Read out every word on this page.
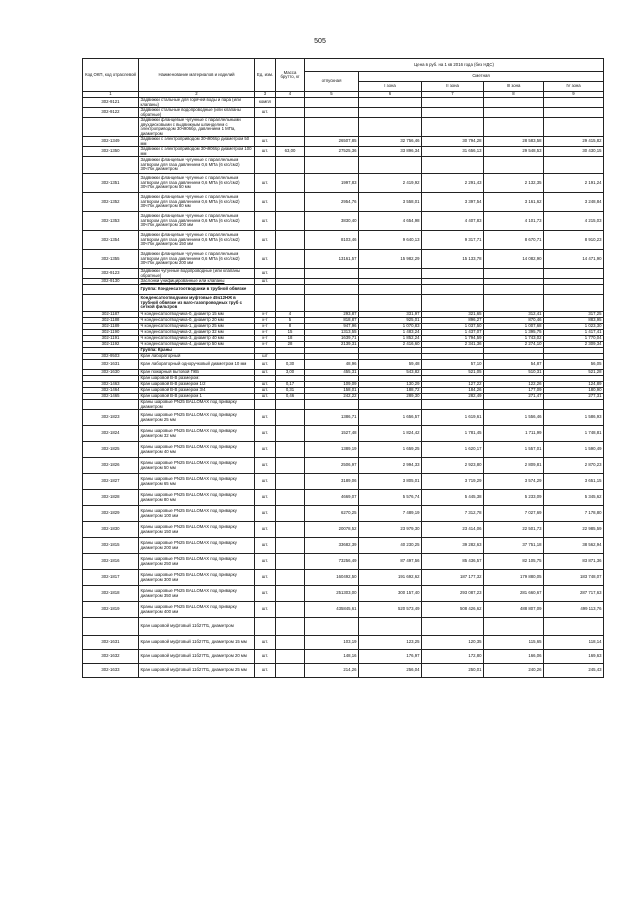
505
Код ОКП, код отраслевой	Наименование материалов и изделий	Ед. изм.	Масса брутто, кг	Цена в руб. на 1 кв 2016 года (без НДС)				
				отпускная	Сметная			
					I зона	II зона	III зона	IV зона
1	2	3	4	5	6	7	8	9
302-9121	Задвижки стальные для горячей воды и пара (или клапаны)	компл						
302-9122	Задвижки стальные водопроводные (или клапаны обратные)	шт.						
	Задвижки фланцевые чугунные с параллельными двухдисковыми с выдвижным шпинделем с электроприводом 30ч906бр, давлением 1 МПа, диаметром							
302-1349	Задвижки с электроприводом 30ч906бр диаметром 50 мм	шт.		26507,85	32 756,46	30 794,28	28 583,58	29 415,82
302-1350	Задвижки с электроприводом 30ч906бр диаметром 100 мм	шт.	63,00	27525,36	33 896,34	31 656,13	29 548,53	30 430,15
	Задвижки фланцевые чугунные с параллельным затвором для газа давлением 0,6 МПа (6 кгс/см2) 30ч7бк диаметром							
302-1351	Задвижки фланцевые чугунные с параллельным затвором для газа давлением 0,6 МПа (6 кгс/см2) 30ч7бк диаметром 50 мм	шт.		1997,83	2 419,92	2 291,43	2 132,35	2 191,24
302-1352	Задвижки фланцевые чугунные с параллельным затвором для газа давлением 0,6 МПа (6 кгс/см2) 30ч7бк диаметром 80 мм	шт.		2954,76	3 558,01	3 397,54	3 161,62	3 248,84
302-1353	Задвижки фланцевые чугунные с параллельным затвором для газа давлением 0,6 МПа (6 кгс/см2) 30ч7бк диаметром 100 мм	шт.		3830,40	4 654,98	4 407,83	4 101,73	4 215,03
302-1354	Задвижки фланцевые чугунные с параллельным затвором для газа давлением 0,6 МПа (6 кгс/см2) 30ч7бк диаметром 150 мм	шт.		8103,46	9 640,13	9 317,71	8 670,71	8 910,23
302-1355	Задвижки фланцевые чугунные с параллельным затвором для газа давлением 0,6 МПа (6 кгс/см2) 30ч7бк диаметром 200 мм	шт.		13161,57	15 982,29	15 133,78	14 082,90	14 471,90
302-9123	Задвижки чугунные водопроводные (или клапаны обратные)	шт.						
302-9130	Заслонки унифицированные или клапаны	шт.						
	Группа: Конденсатоотводчики в трубной обвязке							
	Конденсатоотводчики муфтовые 45ч12НЖ в трубной обвязке из вaro-газопроводных труб с сеткой фильтров							
302-1187	Ч конденсатоотводчика-0, диаметр 15 мм	к-т	4	293,87	331,97	321,65	312,41	317,25
302-1188	Ч конденсатоотводчика-0, диаметр 20 мм	к-т	5	818,87	925,01	896,27	870,46	883,95
302-1189	Ч конденсатоотводчика-1, диаметр 25 мм	к-т	8	947,96	1 070,83	1 037,50	1 007,68	1 023,30
302-1190	Ч конденсатоотводчика-2, диаметр 32 мм	к-т	15	1313,55	1 483,24	1 437,07	1 395,75	1 417,41
302-1191	Ч конденсатоотводчика-3, диаметр 40 мм	к-т	18	1639,71	1 852,24	1 794,59	1 743,02	1 770,04
302-1192	Ч конденсатоотводчика-4, диаметр 50 мм	к-т	28	2139,31	2 416,60	2 341,36	2 274,10	2 309,34
	Группа: Краны							
302-9503	Кран лабораторный	шт						
302-1631	Кран лабораторный одноручковый диаметром 10 мм	шт.	0,30	48,96	59,48	57,10	54,87	56,05
302-1630	Кран пожарный вытовой ПКБ	шт.	3,00	455,31	543,82	521,05	510,31	521,28
	Кран шаровой В-В размером:							
302-1463	Кран шаровой В-В размером 1/2	шт.	0,17	109,09	130,29	127,22	122,26	124,89
302-1464	Кран шаровой В-В размером 3/4	шт.	0,31	158,01	188,72	184,26	177,09	180,90
302-1465	Кран шаровой В-В размером 1	шт.	0,46	242,22	289,30	282,49	271,47	277,31
	Краны шаровые PN25 BALLOMAX под приварку диаметром							
302-1823	Краны шаровые PN25 BALLOMAX под приварку диаметром 25 мм	шт.		1386,71	1 656,57	1 619,61	1 556,46	1 586,93
302-1824	Краны шаровые PN25 BALLOMAX под приварку диаметром 32 мм	шт.		1527,48	1 824,42	1 781,45	1 711,99	1 748,81
302-1825	Краны шаровые PN25 BALLOMAX под приварку диаметром 40 мм	шт.		1389,19	1 659,25	1 620,17	1 557,01	1 590,49
302-1826	Краны шаровые PN25 BALLOMAX под приварку диаметром 50 мм	шт.		2506,97	2 994,33	2 923,80	2 809,81	2 870,23
302-1827	Краны шаровые PN25 BALLOMAX под приварку диаметром 65 мм	шт.		3189,06	3 805,01	3 719,29	3 574,29	3 651,15
302-1828	Краны шаровые PN25 BALLOMAX под приварку диаметром 80 мм	шт.		4669,07	5 576,74	5 445,38	5 233,09	5 345,62
302-1829	Краны шаровые PN25 BALLOMAX под приварку диаметром 100 мм	шт.		6270,25	7 489,19	7 312,78	7 027,69	7 178,80
302-1830	Краны шаровые PN25 BALLOMAX под приварку диаметром 150 мм	шт.		20078,52	23 979,30	23 414,06	22 501,73	22 985,59
302-1815	Краны шаровые PN25 BALLOMAX под приварку диаметром 200 мм	шт.		33682,39	40 230,25	39 282,63	37 751,18	38 562,94
302-1816	Краны шаровые PN25 BALLOMAX под приварку диаметром 250 мм	шт.		73256,49	87 497,56	85 436,57	82 105,75	83 871,36
302-1817	Краны шаровые PN25 BALLOMAX под приварку диаметром 300 мм	шт.		160492,50	191 692,62	187 177,32	179 880,05	183 748,07
302-1818	Краны шаровые PN25 BALLOMAX под приварку диаметром 350 мм	шт.		251303,00	300 157,40	293 087,23	281 660,67	287 717,63
302-1819	Краны шаровые PN25 BALLOMAX под приварку диаметром 400 мм	шт.		435845,61	520 573,49	508 426,62	488 807,09	499 113,76
	Кран шаровой муфтовый 11б27П1, диаметром							
302-1631	Кран шаровой муфтовый 11б27П1, диаметром 15 мм	шт.		103,19	123,25	120,35	115,65	118,14
302-1632	Кран шаровой муфтовый 11б27П1, диаметром 20 мм	шт.		148,16	176,97	172,80	166,06	169,63
302-1633	Кран шаровой муфтовый 11б27П1, диаметром 25 мм	шт.		214,26	256,04	250,01	240,26	245,43
